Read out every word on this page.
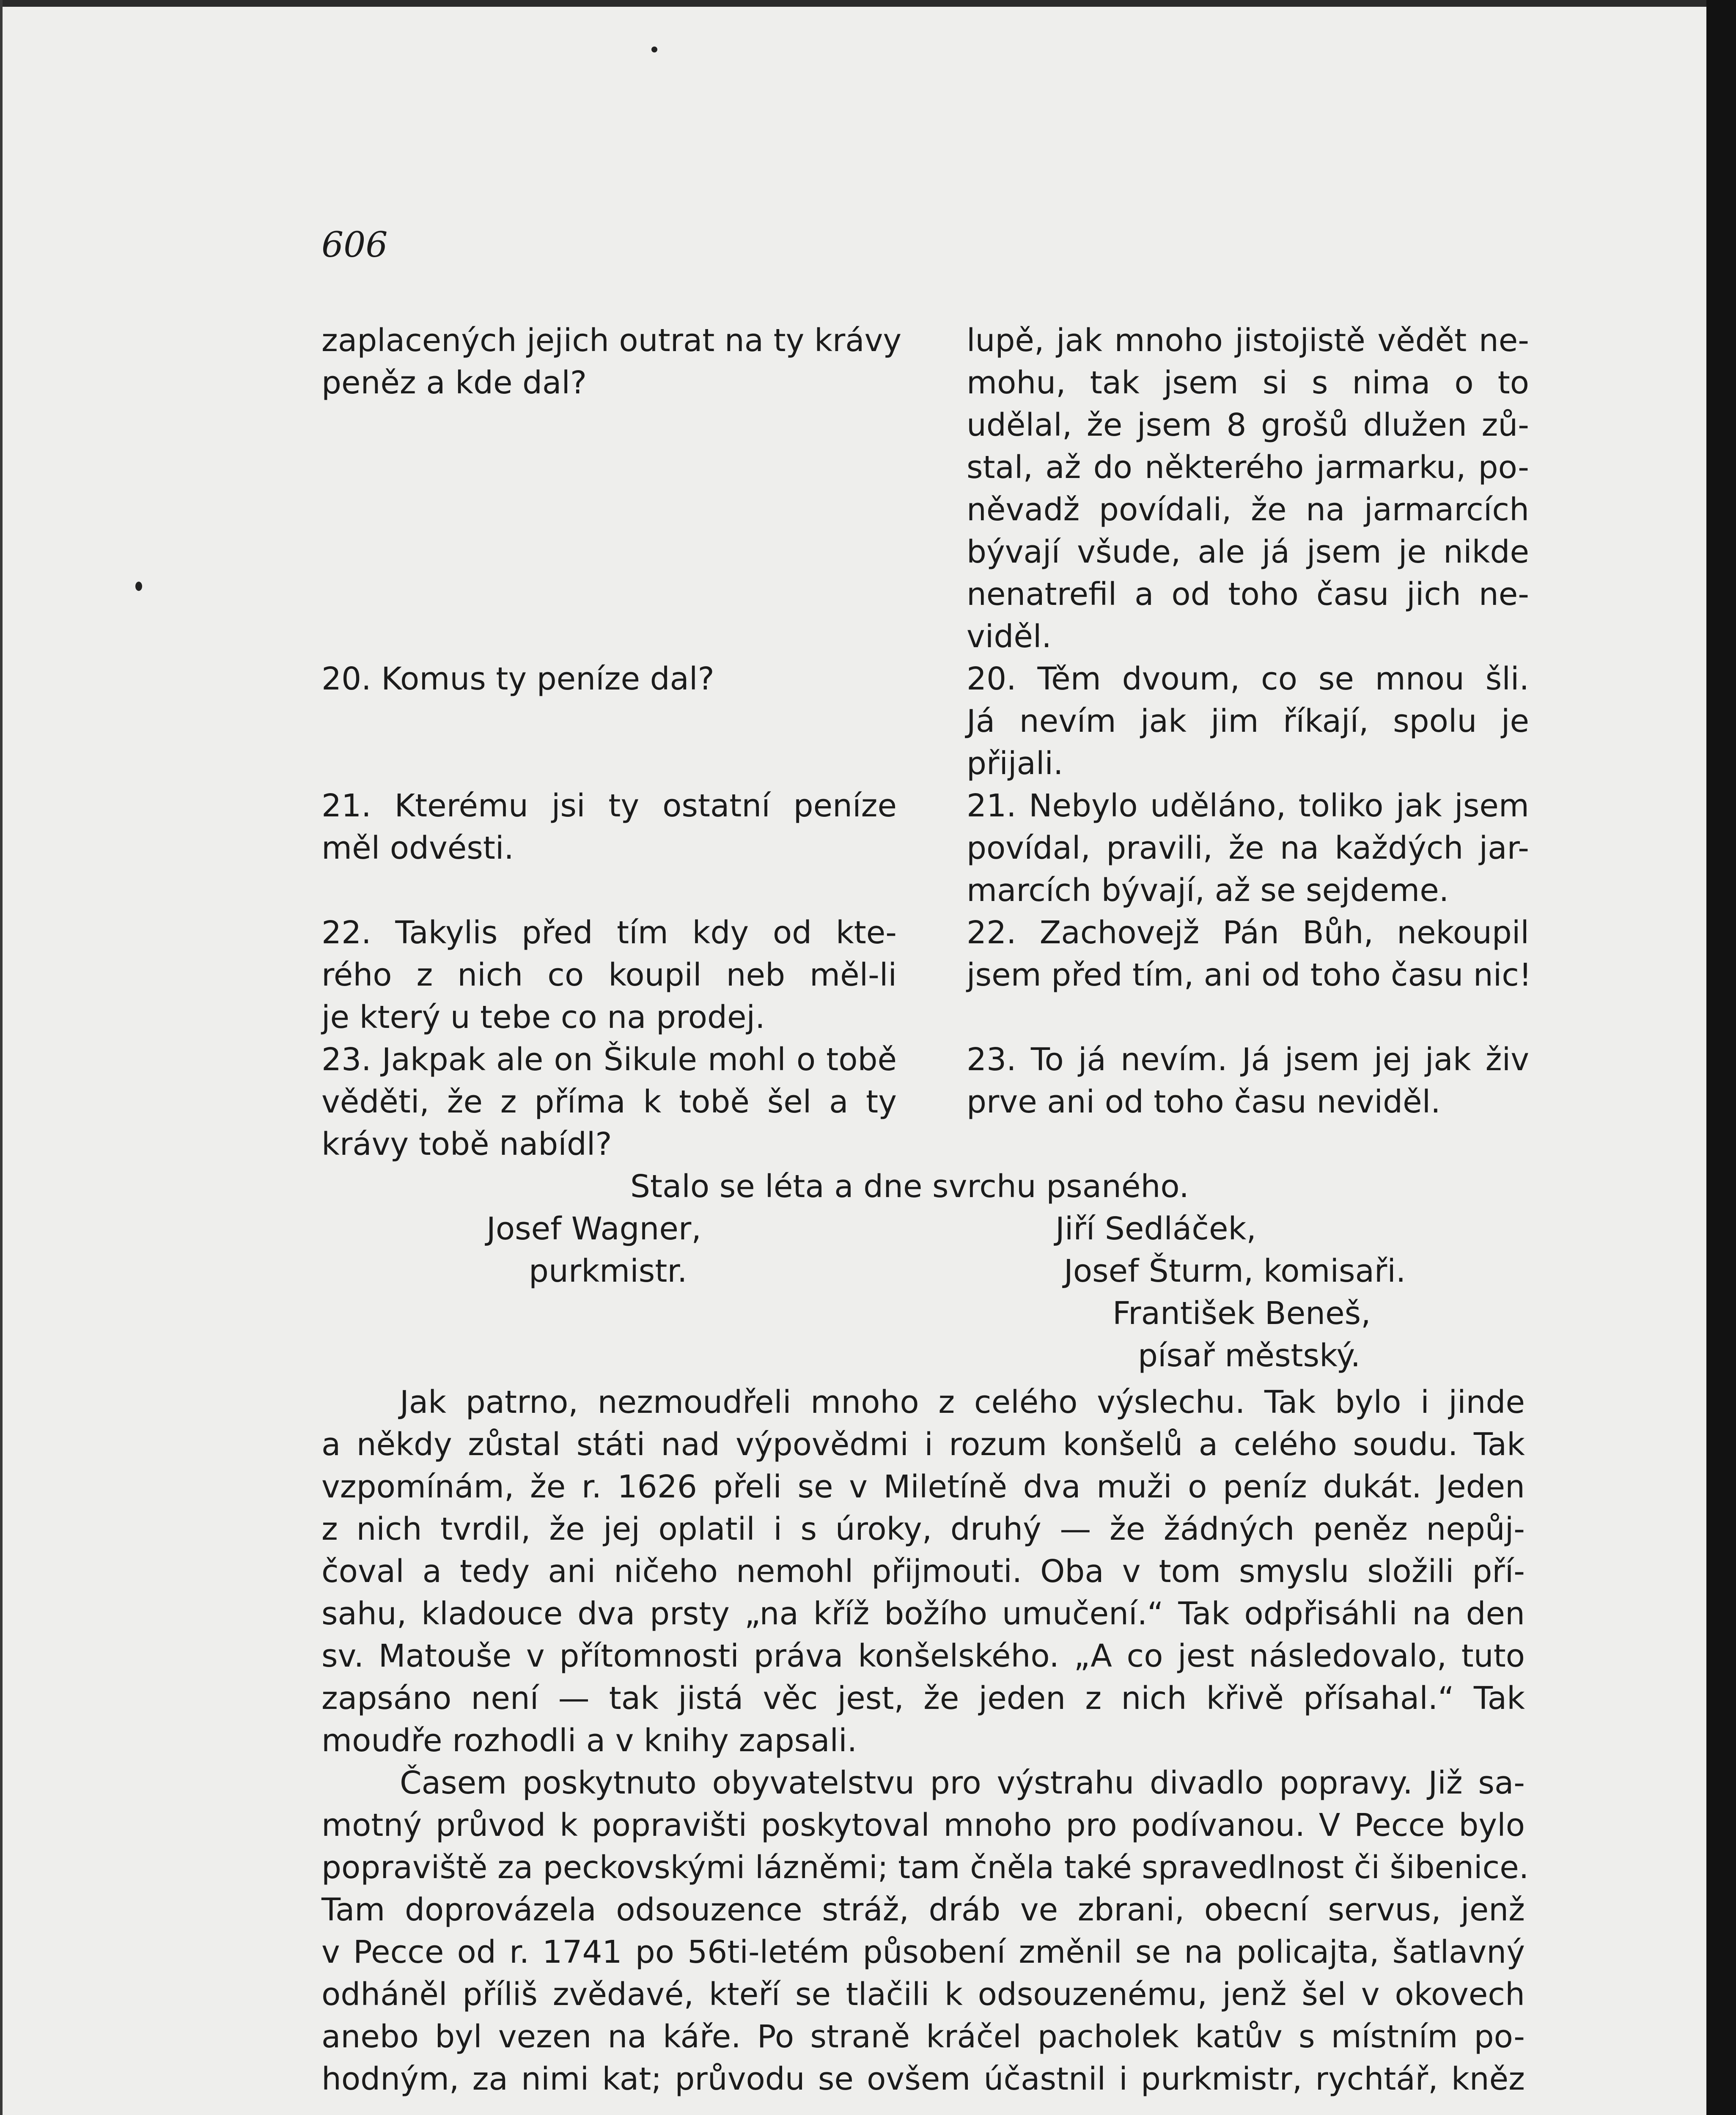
606

zaplacených jejich outrat na ty krávy

peněz a kde dal?

20. Komus ty peníze dal?

21. Kterému jsi ty ostatní peníze

měl odvésti.

22. Takylis před tím kdy od kte-

rého z nich co koupil neb měl-li

je který u tebe co na prodej.

23. Jakpak ale on Šikule mohl o tobě

věděti, že z přímа k tobě šel a ty

krávy tobě nabídl?

lupě, jak mnoho jistojistě vědět ne-

mohu, tak jsem si s nima o to

udělal, že jsem 8 grošů dlužen zů-

stal, až do některého jarmarku, po-

něvadž povídali, že na jarmarcích

bývají všude, ale já jsem je nikde

nenatrefil a od toho času jich ne-

viděl.

20. Těm dvoum, co se mnou šli.

Já nevím jak jim říkají, spolu je

přijali.

21. Nebylo uděláno, toliko jak jsem

povídal, pravili, že na každých jar-

marcích bývají, až se sejdeme.

22. Zachovejž Pán Bůh, nekoupil

jsem před tím, ani od toho času nic!

23. To já nevím. Já jsem jej jak živ

prve ani od toho času neviděl.

Stalo se léta a dne svrchu psaného.
Josef Wagner,
purkmistr.
Jiří Sedláček,
Josef Šturm, komisaři.
František Beneš,
písař městský.

Jak patrno, nezmoudřeli mnoho z celého výslechu. Tak bylo i jinde
a někdy zůstal státi nad výpovědmi i rozum konšelů a celého soudu. Tak
vzpomínám, že r. 1626 přeli se v Miletíně dva muži o peníz dukát. Jeden
z nich tvrdil, že jej oplatil i s úroky, druhý — že žádných peněz nepůj-
čoval a tedy ani ničeho nemohl přijmouti. Oba v tom smyslu složili pří-
sahu, kladouce dva prsty „na kříž božího umučení.“ Tak odpřisáhli na den
sv. Matouše v přítomnosti práva konšelského. „A co jest následovalo, tuto
zapsáno není — tak jistá věc jest, že jeden z nich křivě přísahal.“ Tak
moudře rozhodli a v knihy zapsali.

Časem poskytnuto obyvatelstvu pro výstrahu divadlo popravy. Již sa-
motný průvod k popravišti poskytoval mnoho pro podívanou. V Pecce bylo
popraviště za peckovskými lázněmi; tam čněla také spravedlnost či šibenice.
Tam doprovázela odsouzence stráž, dráb ve zbrani, obecní servus, jenž
v Pecce od r. 1741 po 56ti-letém působení změnil se na policajta, šatlavný
odháněl příliš zvědavé, kteří se tlačili k odsouzenému, jenž šel v okovech
anebo byl vezen na káře. Po straně kráčel pacholek katův s místním po-
hodným, za nimi kat; průvodu se ovšem účastnil i purkmistr, rychtář, kněz
